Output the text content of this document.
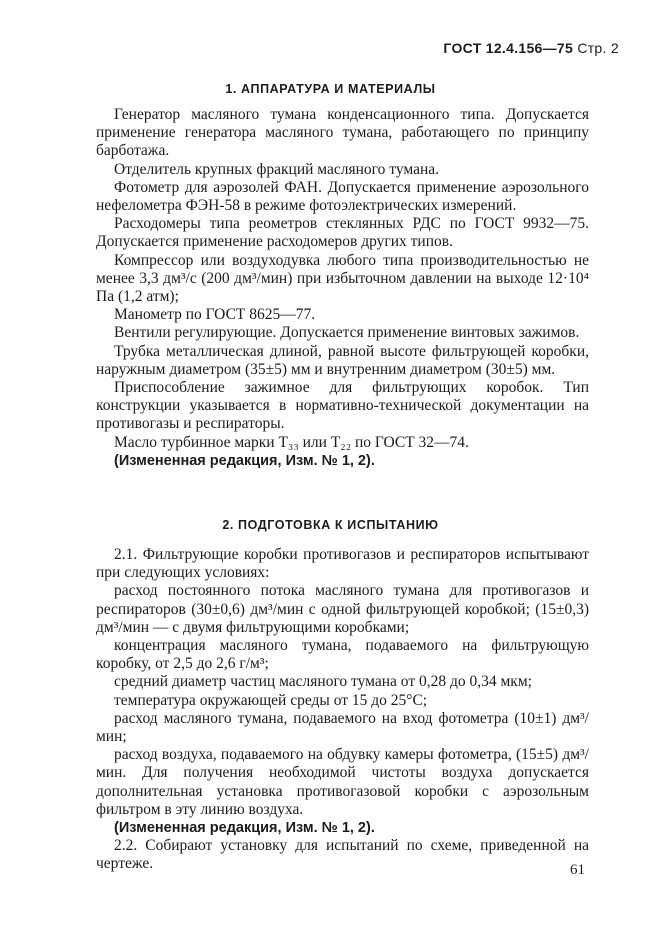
ГОСТ 12.4.156—75 Стр. 2
1. АППАРАТУРА И МАТЕРИАЛЫ

Генератор масляного тумана конденсационного типа. Допускается применение генератора масляного тумана, работающего по принципу барботажа.

Отделитель крупных фракций масляного тумана.

Фотометр для аэрозолей ФАН. Допускается применение аэрозольного нефелометра ФЭН-58 в режиме фотоэлектрических измерений.

Расходомеры типа реометров стеклянных РДС по ГОСТ 9932—75. Допускается применение расходомеров других типов.

Компрессор или воздуходувка любого типа производительностью не менее 3,3 дм³/с (200 дм³/мин) при избыточном давлении на выходе 12·10⁴ Па (1,2 атм);

Манометр по ГОСТ 8625—77.

Вентили регулирующие. Допускается применение винтовых зажимов.

Трубка металлическая длиной, равной высоте фильтрующей коробки, наружным диаметром (35±5) мм и внутренним диаметром (30±5) мм.

Приспособление зажимное для фильтрующих коробок. Тип конструкции указывается в нормативно-технической документации на противогазы и респираторы.

Масло турбинное марки Т₃₃ или Т₂₂ по ГОСТ 32—74.

(Измененная редакция, Изм. № 1, 2).

2. ПОДГОТОВКА К ИСПЫТАНИЮ

2.1. Фильтрующие коробки противогазов и респираторов испытывают при следующих условиях:

расход постоянного потока масляного тумана для противогазов и респираторов (30±0,6) дм³/мин с одной фильтрующей коробкой; (15±0,3) дм³/мин — с двумя фильтрующими коробками;

концентрация масляного тумана, подаваемого на фильтрующую коробку, от 2,5 до 2,6 г/м³;

средний диаметр частиц масляного тумана от 0,28 до 0,34 мкм;

температура окружающей среды от 15 до 25°С;

расход масляного тумана, подаваемого на вход фотометра (10±1) дм³/мин;

расход воздуха, подаваемого на обдувку камеры фотометра, (15±5) дм³/мин. Для получения необходимой чистоты воздуха допускается дополнительная установка противогазовой коробки с аэрозольным фильтром в эту линию воздуха.

(Измененная редакция, Изм. № 1, 2).

2.2. Собирают установку для испытаний по схеме, приведенной на чертеже.	61
